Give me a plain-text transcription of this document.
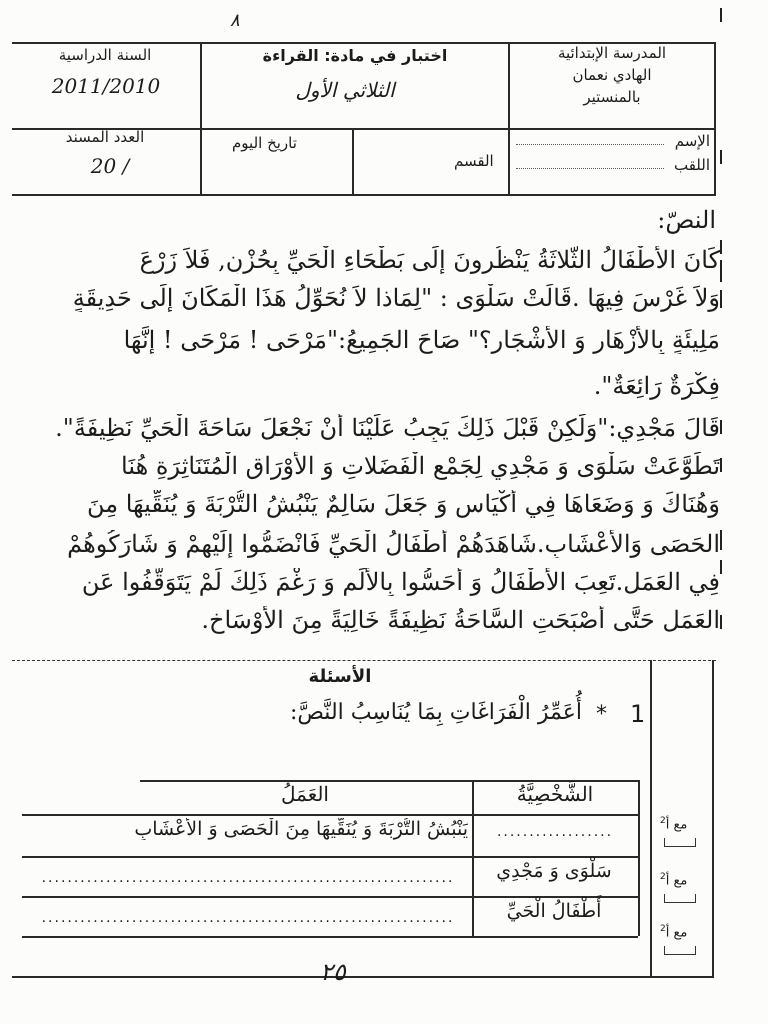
٨
المدرسة الإبتدائية
الهادي نعمان
بالمنستير
اختبار في مادة: القراءة
الثلاثي الأول
السنة الدراسية
2011/2010
الإسم
اللقب
القسم
تاريخ اليوم
العدد المسند
20 /
النصّ:
كَانَ الأَطْفَالُ الثَّلاثَةُ يَنْظُرونَ إِلَى بَطْحَاءِ الْحَيِّ بِحُزْنٍ, فَلاَ زَرْعَ
وَلاَ غَرْسَ فِيهَا .قَالَتْ سَلْوَى : "لِمَاذا لاَ نُحَوِّلُ هَذَا الْمَكَانَ إِلَى حَدِيقَةٍ
مَلِيئَةٍ بِالأَزْهَارِ وَ الأَشْجَارِ؟" صَاحَ الجَمِيعُ:"مَرْحَى ! مَرْحَى ! إِنَّهَا
فِكْرَةٌ رَائِعَةٌ".
قَالَ مَجْدِي:"وَلَكِنْ قَبْلَ ذَلِكَ يَجِبُ عَلَيْنَا أَنْ نَجْعَلَ سَاحَةَ الْحَيِّ نَظِيفَةً".
تَطَوَّعَتْ سَلْوَى وَ مَجْدِي لِجَمْعِ الْفَضَلاتِ وَ الأَوْرَاقِ الْمُتَنَاثِرَةِ هُنَا
وَهُنَاكَ وَ وَضَعَاهَا فِي أَكْيَاسٍ وَ جَعَلَ سَالِمٌ يَنْبُشُ التُّرْبَةَ وَ يُنَقِّيهَا مِنَ
الحَصَى وَالأَعْشَابِ.شَاهَدَهُمْ أَطْفَالُ الْحَيِّ فَانْضَمُّوا إِلَيْهِمْ وَ شَارَكُوهُمْ
فِي العَمَلِ.تَعِبَ الأَطْفَالُ وَ أَحَسُّوا بِالأَلَمِ وَ رَغْمَ ذَلِكَ لَمْ يَتَوَقَّفُوا عَنِ
العَمَلِ حَتَّى أَصْبَحَتِ السَّاحَةُ نَظِيفَةً خَالِيَةً مِنَ الأَوْسَاخِ.
الأسئلة
1
*
أُعَمِّرُ الْفَرَاغَاتِ بِمَا يُنَاسِبُ النَّصَّ:
الشَّخْصِيَّةُ
العَمَلُ
..................
يَنْبُشُ التُّرْبَةَ وَ يُنَقِّيهَا مِنَ الْحَصَى وَ الأَعْشَابِ
سَلْوَى وَ مَجْدِي
................................................................
أَطْفَالُ الْحَيِّ
................................................................
مع أ$^2$
مع أ$^2$
مع أ$^2$
٢٥
